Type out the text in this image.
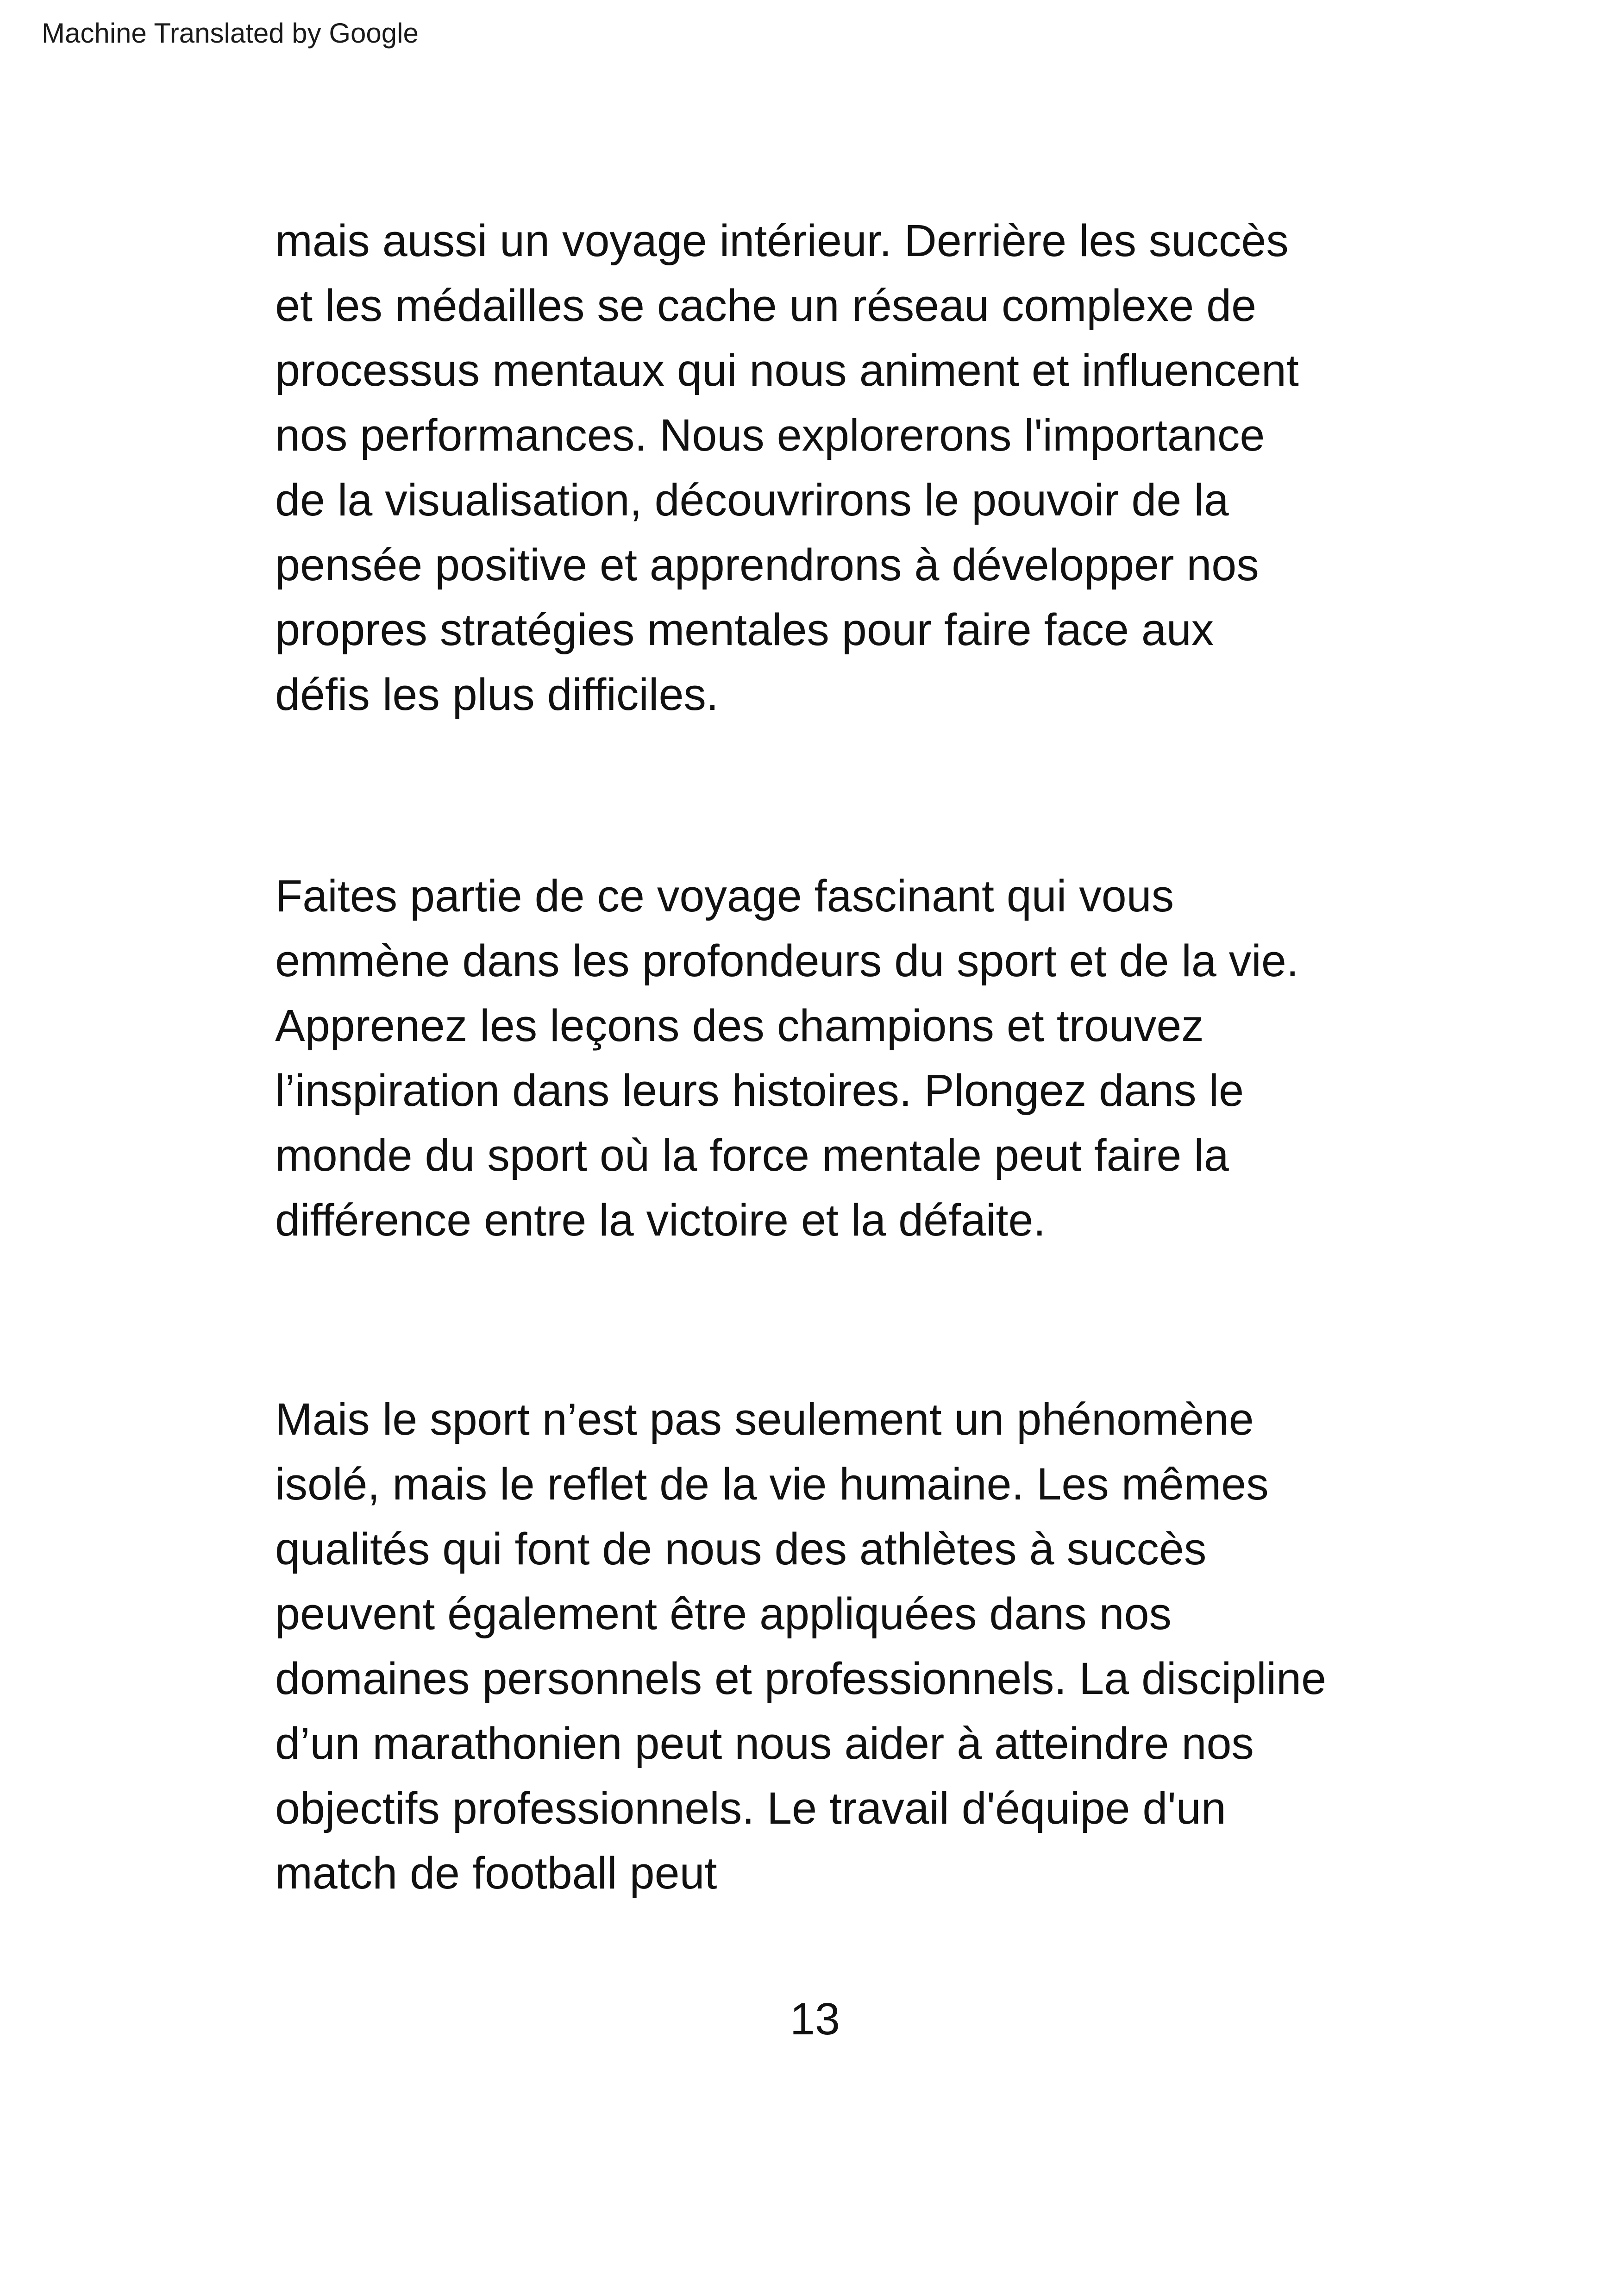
Machine Translated by Google
mais aussi un voyage intérieur. Derrière les succès
et les médailles se cache un réseau complexe de
processus mentaux qui nous animent et influencent
nos performances. Nous explorerons l'importance
de la visualisation, découvrirons le pouvoir de la
pensée positive et apprendrons à développer nos
propres stratégies mentales pour faire face aux
défis les plus difficiles.
Faites partie de ce voyage fascinant qui vous
emmène dans les profondeurs du sport et de la vie.
Apprenez les leçons des champions et trouvez
l’inspiration dans leurs histoires. Plongez dans le
monde du sport où la force mentale peut faire la
différence entre la victoire et la défaite.
Mais le sport n’est pas seulement un phénomène
isolé, mais le reflet de la vie humaine. Les mêmes
qualités qui font de nous des athlètes à succès
peuvent également être appliquées dans nos
domaines personnels et professionnels. La discipline
d’un marathonien peut nous aider à atteindre nos
objectifs professionnels. Le travail d'équipe d'un
match de football peut
13
